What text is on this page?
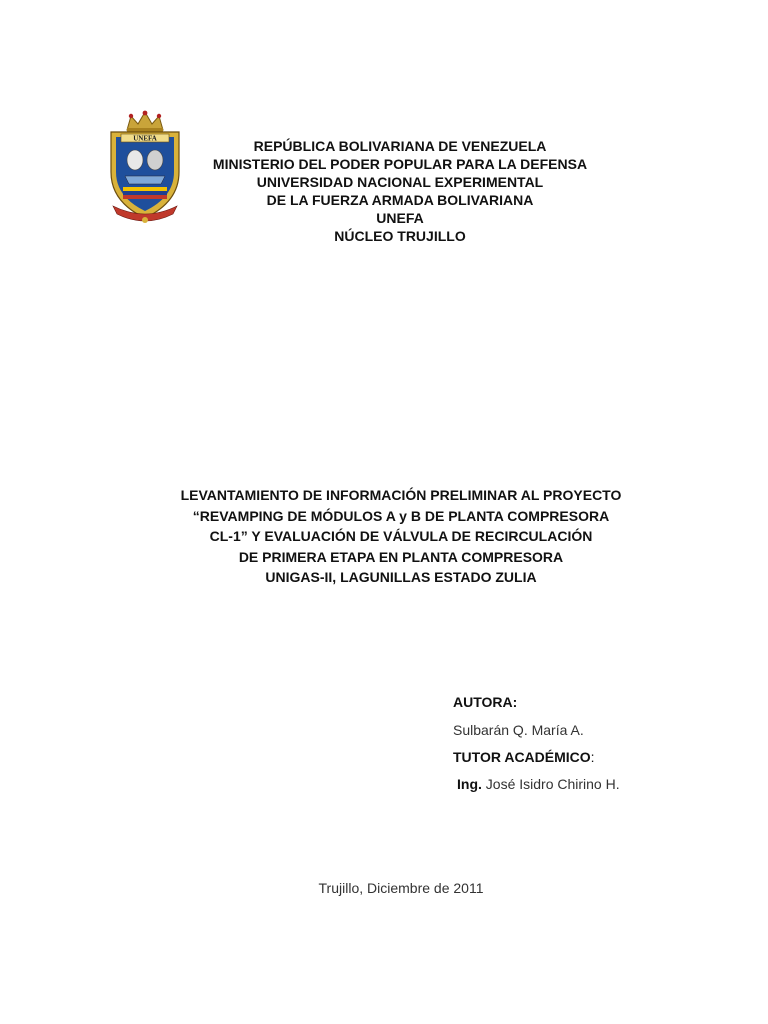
UNEFA	REPÚBLICA BOLIVARIANA DE VENEZUELA
MINISTERIO DEL PODER POPULAR PARA LA DEFENSA
UNIVERSIDAD NACIONAL EXPERIMENTAL
DE LA FUERZA ARMADA BOLIVARIANA
UNEFA
NÚCLEO TRUJILLO
LEVANTAMIENTO DE INFORMACIÓN PRELIMINAR AL PROYECTO
“REVAMPING DE MÓDULOS A y B DE PLANTA COMPRESORA
CL-1” Y EVALUACIÓN DE VÁLVULA DE RECIRCULACIÓN
DE PRIMERA ETAPA EN PLANTA COMPRESORA
UNIGAS-II, LAGUNILLAS ESTADO ZULIA
AUTORA:
Sulbarán Q. María A.
TUTOR ACADÉMICO:
Ing. José Isidro Chirino H.
Trujillo, Diciembre de 2011
